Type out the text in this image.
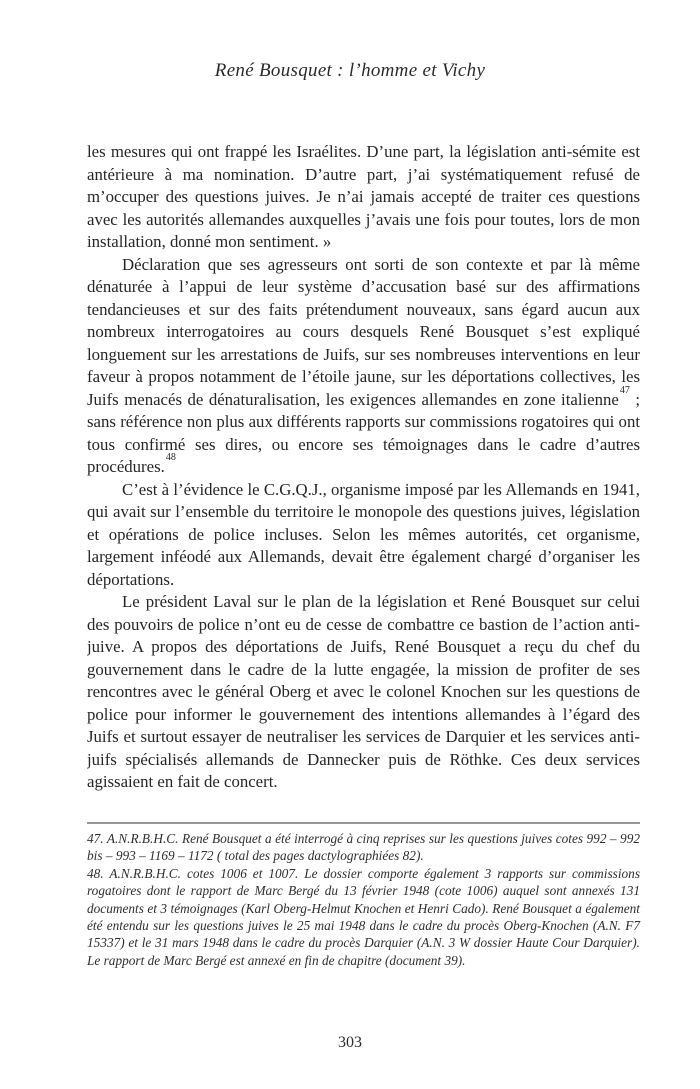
René Bousquet : l’homme et Vichy

les mesures qui ont frappé les Israélites. D’une part, la législation anti-sémite est antérieure à ma nomination. D’autre part, j’ai systématiquement refusé de m’occuper des questions juives. Je n’ai jamais accepté de traiter ces questions avec les autorités allemandes auxquelles j’avais une fois pour toutes, lors de mon installation, donné mon sentiment. »

Déclaration que ses agresseurs ont sorti de son contexte et par là même dénaturée à l’appui de leur système d’accusation basé sur des affirmations tendancieuses et sur des faits prétendument nouveaux, sans égard aucun aux nombreux interrogatoires au cours desquels René Bousquet s’est expliqué longuement sur les arrestations de Juifs, sur ses nombreuses interventions en leur faveur à propos notamment de l’étoile jaune, sur les déportations collectives, les Juifs menacés de dénaturalisation, les exigences allemandes en zone italienne$^{47}$ ; sans référence non plus aux différents rapports sur commissions rogatoires qui ont tous confirmé ses dires, ou encore ses témoignages dans le cadre d’autres procédures.$^{48}$

C’est à l’évidence le C.G.Q.J., organisme imposé par les Allemands en 1941, qui avait sur l’ensemble du territoire le monopole des questions juives, législation et opérations de police incluses. Selon les mêmes autorités, cet organisme, largement inféodé aux Allemands, devait être également chargé d’organiser les déportations.

Le président Laval sur le plan de la législation et René Bousquet sur celui des pouvoirs de police n’ont eu de cesse de combattre ce bastion de l’action anti-juive. A propos des déportations de Juifs, René Bousquet a reçu du chef du gouvernement dans le cadre de la lutte engagée, la mission de profiter de ses rencontres avec le général Oberg et avec le colonel Knochen sur les questions de police pour informer le gouvernement des intentions allemandes à l’égard des Juifs et surtout essayer de neutraliser les services de Darquier et les services anti-juifs spécialisés allemands de Dannecker puis de Röthke. Ces deux services agissaient en fait de concert.

47. A.N.R.B.H.C. René Bousquet a été interrogé à cinq reprises sur les questions juives cotes 992 – 992 bis – 993 – 1169 – 1172 ( total des pages dactylographiées 82).

48. A.N.R.B.H.C. cotes 1006 et 1007. Le dossier comporte également 3 rapports sur commissions rogatoires dont le rapport de Marc Bergé du 13 février 1948 (cote 1006) auquel sont annexés 131 documents et 3 témoignages (Karl Oberg-Helmut Knochen et Henri Cado). René Bousquet a également été entendu sur les questions juives le 25 mai 1948 dans le cadre du procès Oberg-Knochen (A.N. F7 15337) et le 31 mars 1948 dans le cadre du procès Darquier (A.N. 3 W dossier Haute Cour Darquier). Le rapport de Marc Bergé est annexé en fin de chapitre (document 39).

303
